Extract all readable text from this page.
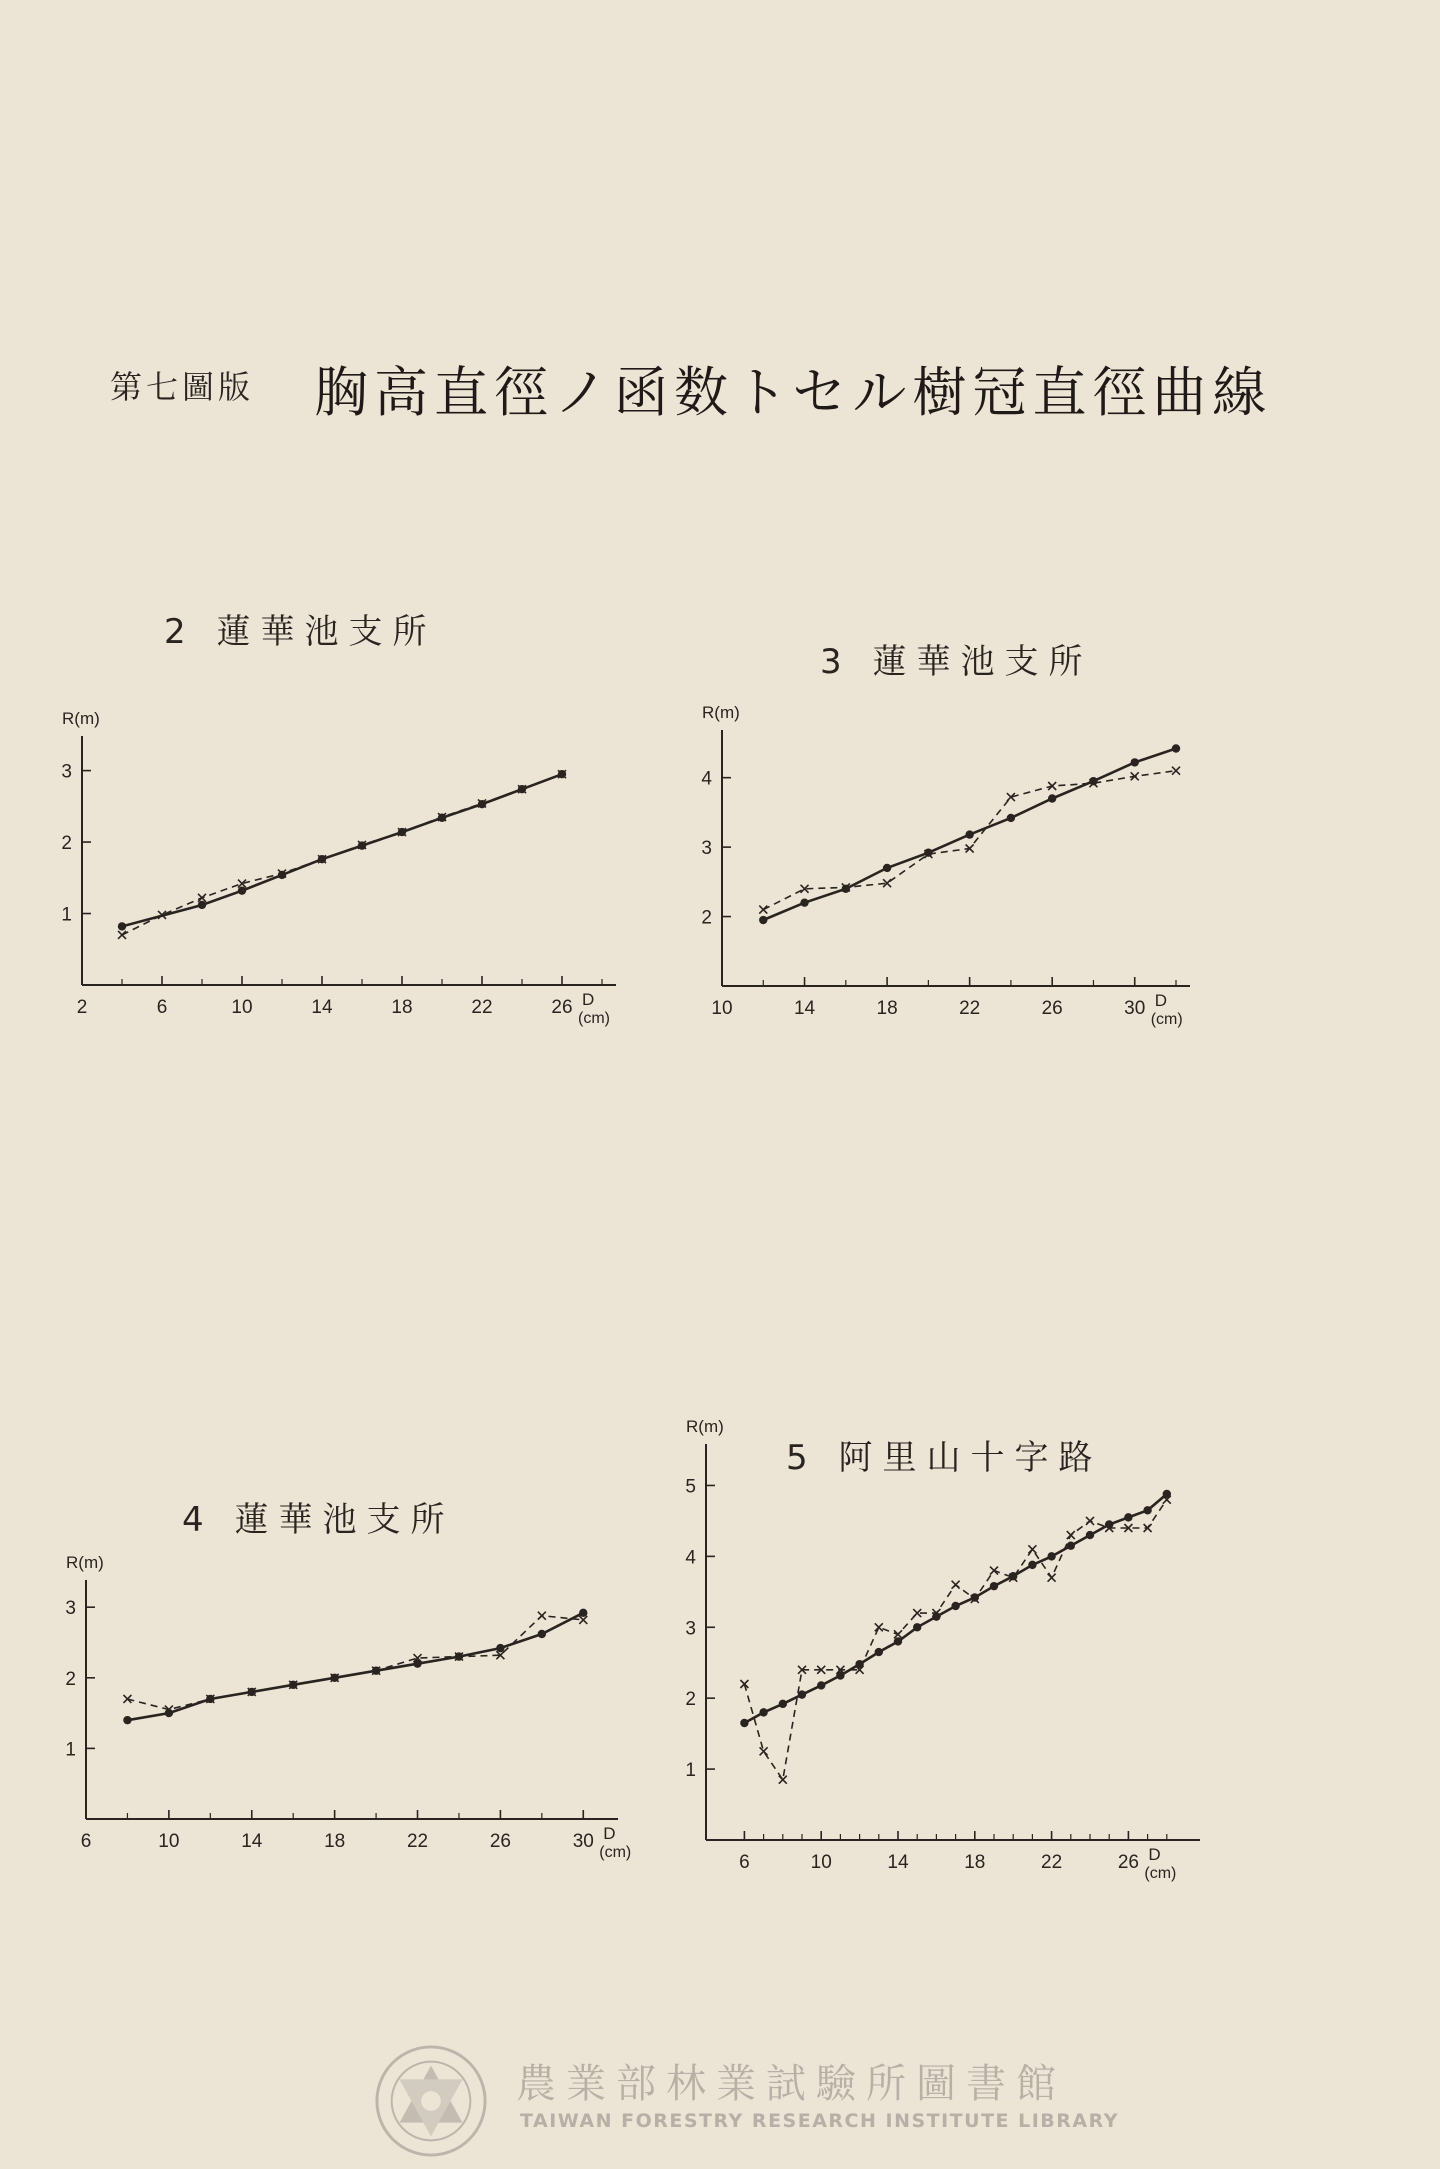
第七圖版 胸高直徑ノ函数トセル樹冠直徑曲線
2 蓮華池支所
3 蓮華池支所
4 蓮華池支所
5 阿里山十字路
R(m)
1
2
3
2	6	10	14	18	22	26 D
(cm)
R(m)
2
3
4
10	14	18	22	26	30 D
(cm)
R(m)
1
2
3
6	10	14	18	22	26	30 D
(cm)
R(m)
1
2
3
4
5
6	10	14	18	22	26 D
(cm)
農業部林業試驗所圖書館
TAIWAN FORESTRY RESEARCH INSTITUTE LIBRARY
